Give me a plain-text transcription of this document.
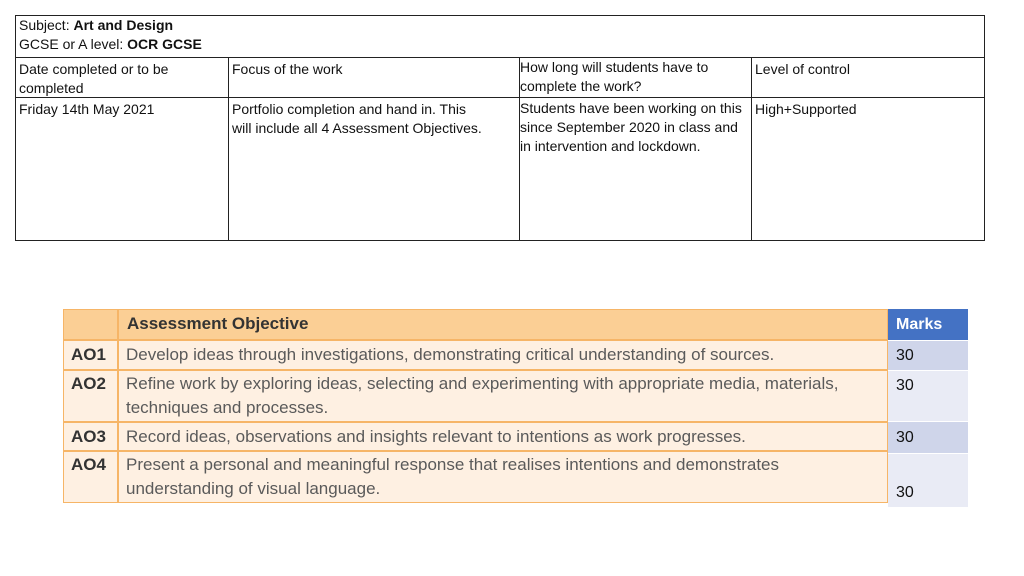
Subject: Art and Design
GCSE or A level: OCR GCSE
Date completed or to be completed
Focus of the work	How long will students have to complete the work?
Level of control
Friday 14th May 2021	Portfolio completion and hand in. This will include all 4 Assessment Objectives.
Students have been working on this since September 2020 in class and in intervention and lockdown.
High+Supported
Assessment Objective
AO1 Develop ideas through investigations, demonstrating critical understanding of sources.
AO2 Refine work by exploring ideas, selecting and experimenting with appropriate media, materials, techniques and processes.
AO3 Record ideas, observations and insights relevant to intentions as work progresses.
AO4 Present a personal and meaningful response that realises intentions and demonstrates understanding of visual language.
Marks
30
30
30
30
